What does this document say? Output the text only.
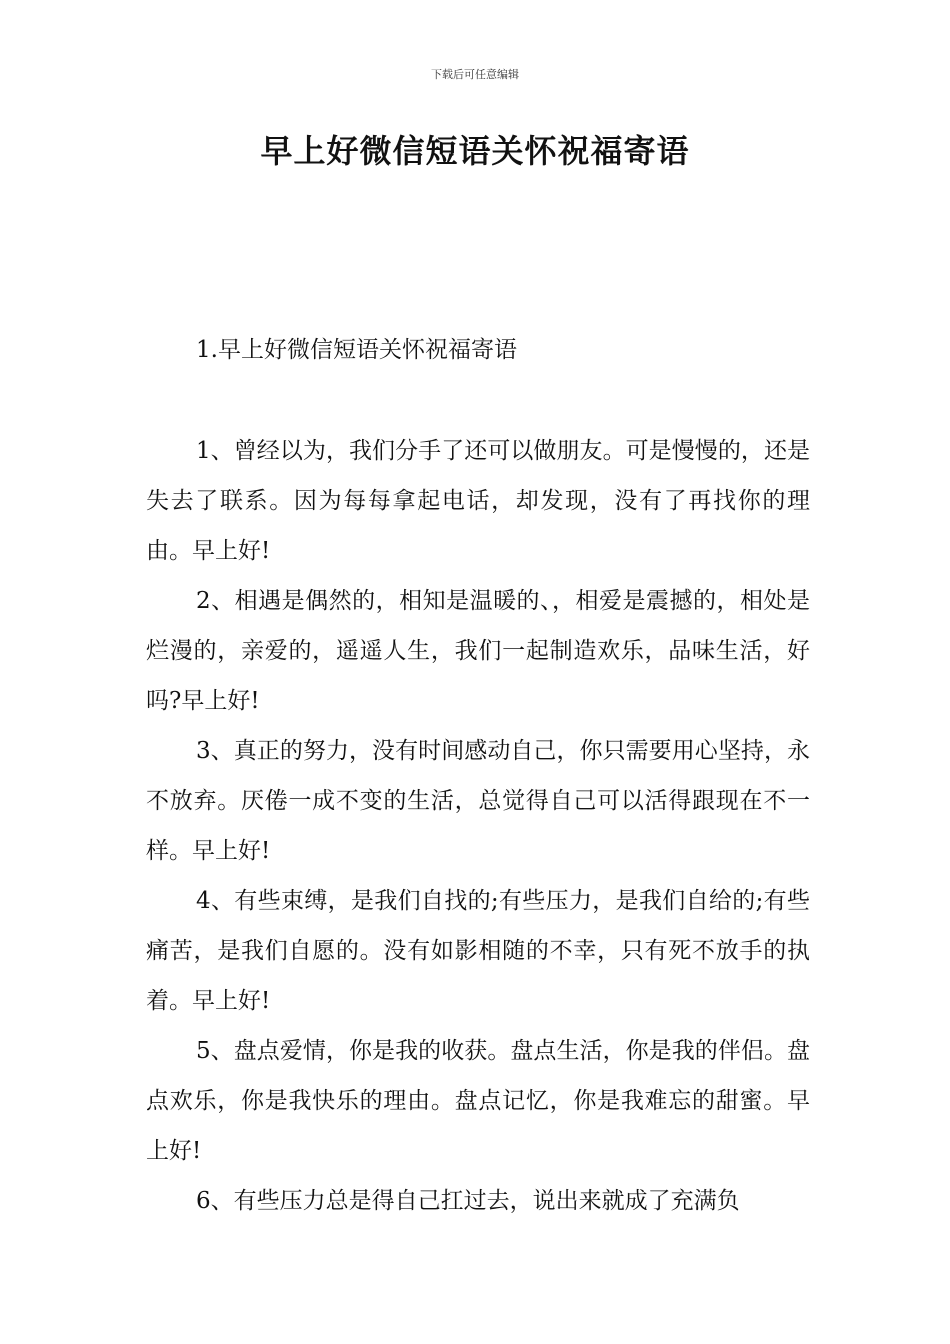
下载后可任意编辑
早上好微信短语关怀祝福寄语
1.早上好微信短语关怀祝福寄语

1、曾经以为，我们分手了还可以做朋友。可是慢慢的，还是失去了联系。因为每每拿起电话，却发现，没有了再找你的理由。早上好!

2、相遇是偶然的，相知是温暖的、，相爱是震撼的，相处是烂漫的，亲爱的，遥遥人生，我们一起制造欢乐，品味生活，好吗?早上好!

3、真正的努力，没有时间感动自己，你只需要用心坚持，永不放弃。厌倦一成不变的生活，总觉得自己可以活得跟现在不一样。早上好!

4、有些束缚，是我们自找的;有些压力，是我们自给的;有些痛苦，是我们自愿的。没有如影相随的不幸，只有死不放手的执着。早上好!

5、盘点爱情，你是我的收获。盘点生活，你是我的伴侣。盘点欢乐，你是我快乐的理由。盘点记忆，你是我难忘的甜蜜。早上好!

6、有些压力总是得自己扛过去，说出来就成了充满负
